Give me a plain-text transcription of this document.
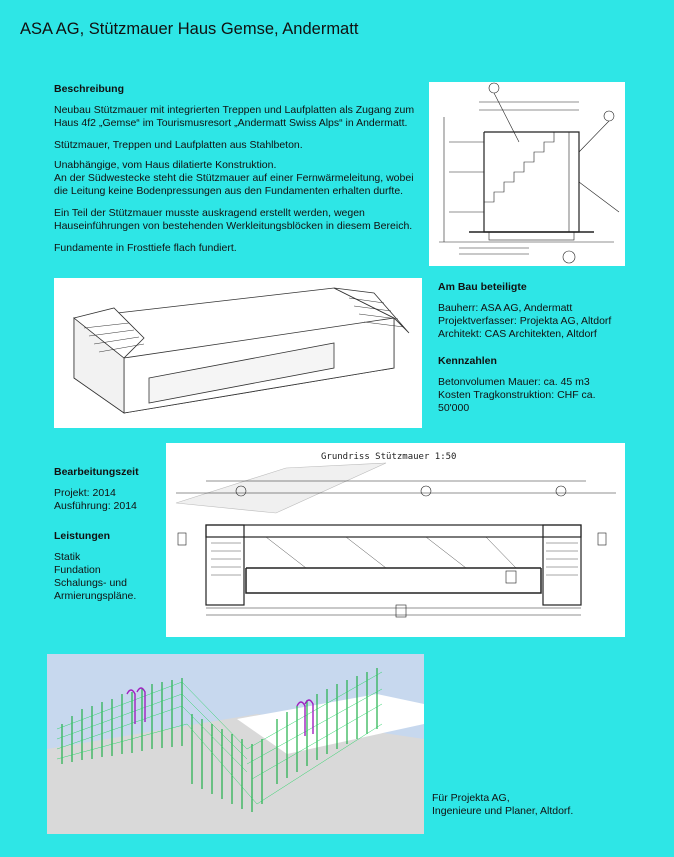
ASA AG, Stützmauer Haus Gemse, Andermatt
Beschreibung
Neubau Stützmauer mit integrierten Treppen und Laufplatten als Zugang zum Haus 4f2 „Gemse“ im Tourismusresort „Andermatt Swiss Alps“ in Andermatt.
Stützmauer, Treppen und Laufplatten aus Stahlbeton.
Unabhängige, vom Haus dilatierte Konstruktion.
An der Südwestecke steht die Stützmauer auf einer Fernwärmeleitung, wobei die Leitung keine Bodenpressungen aus den Fundamenten erhalten durfte.
Ein Teil der Stützmauer musste auskragend erstellt werden, wegen Hauseinführungen von bestehenden Werkleitungsblöcken in diesem Bereich.
Fundamente in Frosttiefe flach fundiert.
Am Bau beteiligte
Bauherr: ASA AG, Andermatt
Projektverfasser: Projekta AG, Altdorf
Architekt: CAS Architekten, Altdorf
Kennzahlen
Betonvolumen Mauer: ca. 45 m3
Kosten Tragkonstruktion: CHF ca.
50'000
Bearbeitungszeit
Projekt: 2014
Ausführung: 2014
Leistungen
Statik
Fundation
Schalungs- und
Armierungspläne.
Grundriss Stützmauer 1:50
Für Projekta AG,
Ingenieure und Planer, Altdorf.
